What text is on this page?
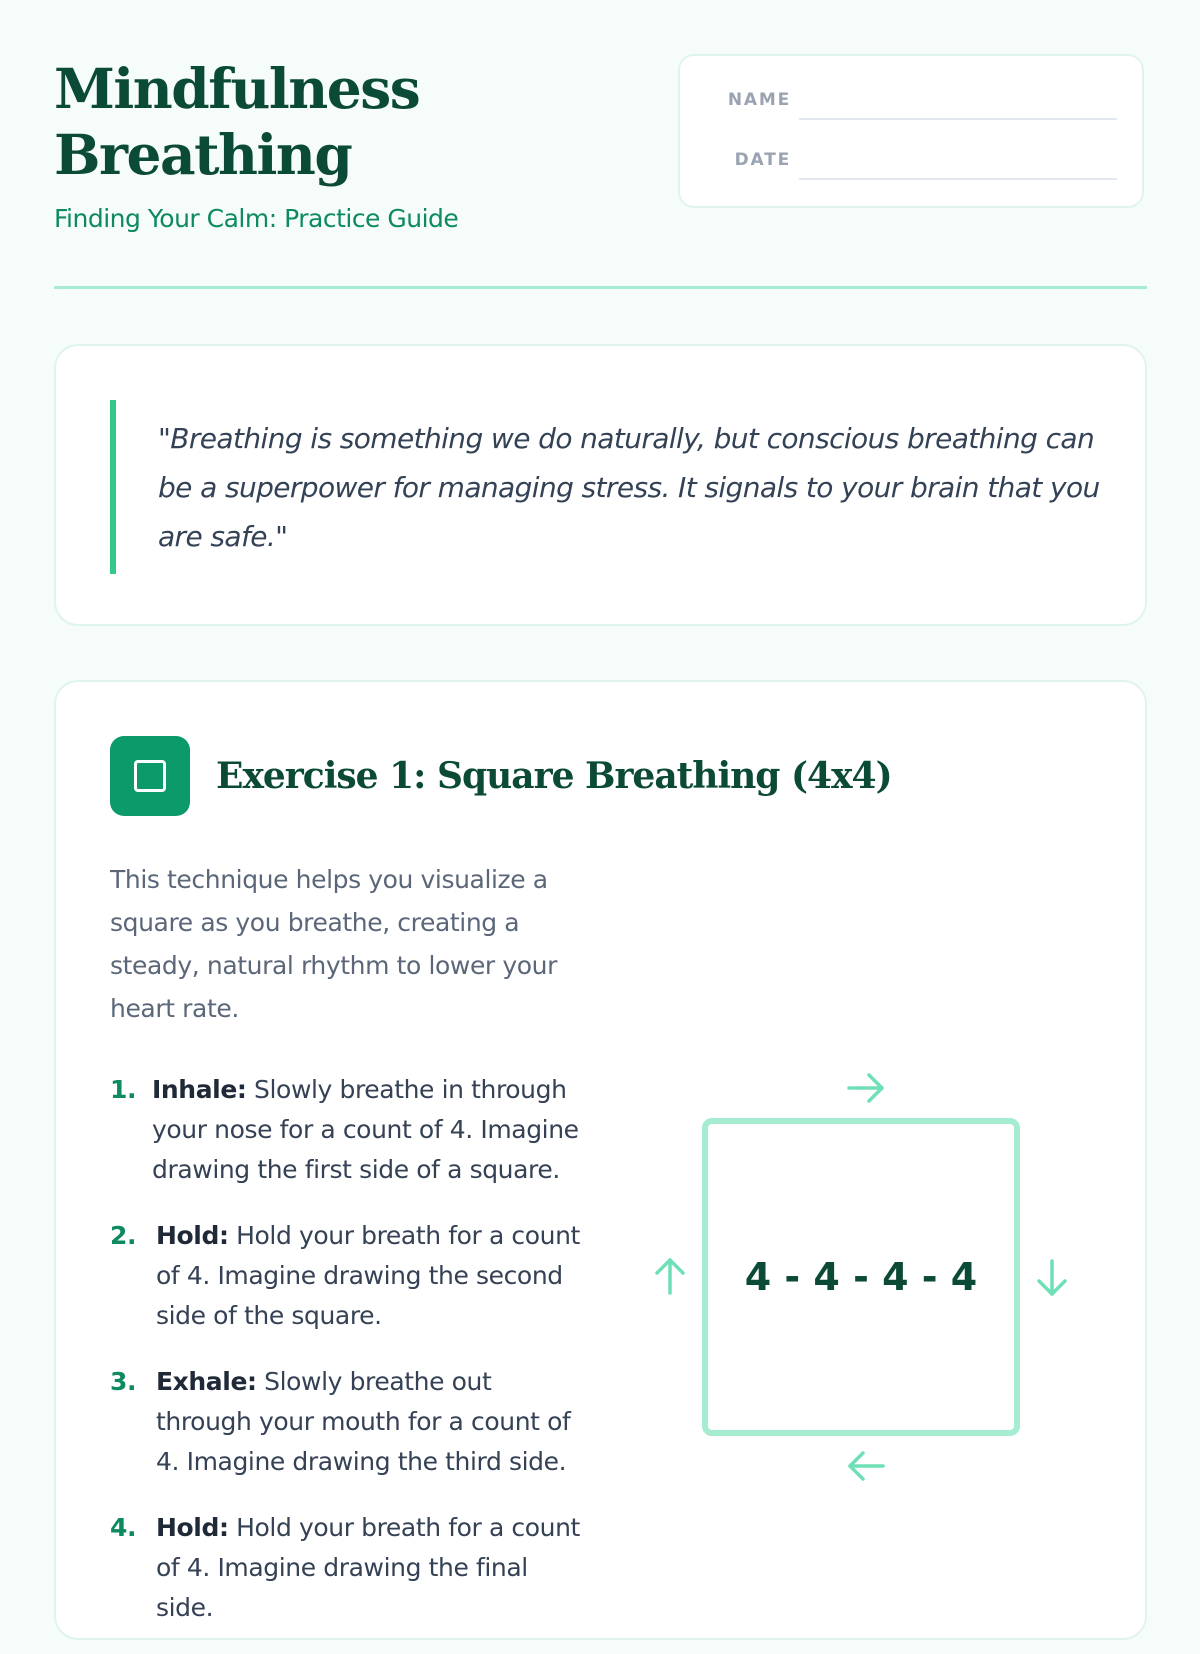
Mindfulness Breathing
Finding Your Calm: Practice Guide
NAME
DATE

"Breathing is something we do naturally, but conscious breathing can be a superpower for managing stress. It signals to your brain that you are safe."

Exercise 1: Square Breathing (4x4)

This technique helps you visualize a square as you breathe, creating a steady, natural rhythm to lower your heart rate.

1. Inhale: Slowly breathe in through your nose for a count of 4. Imagine drawing the first side of a square.
2. Hold: Hold your breath for a count of 4. Imagine drawing the second side of the square.
3. Exhale: Slowly breathe out through your mouth for a count of 4. Imagine drawing the third side.
4. Hold: Hold your breath for a count of 4. Imagine drawing the final side.
4 - 4 - 4 - 4
